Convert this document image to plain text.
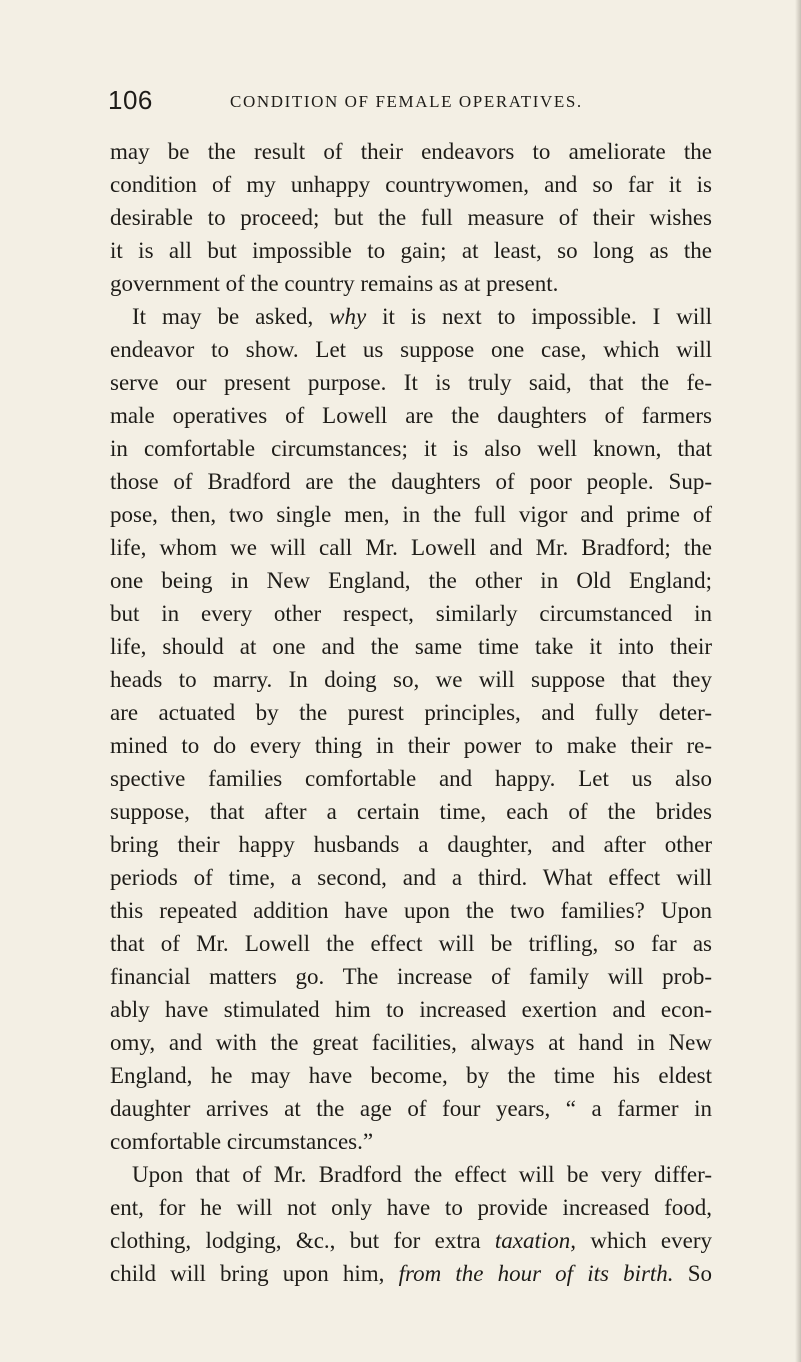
106	CONDITION OF FEMALE OPERATIVES.
may be the result of their endeavors to ameliorate the
condition of my unhappy countrywomen, and so far it is
desirable to proceed; but the full measure of their wishes
it is all but impossible to gain; at least, so long as the
government of the country remains as at present.
It may be asked, why it is next to impossible. I will
endeavor to show. Let us suppose one case, which will
serve our present purpose. It is truly said, that the fe-
male operatives of Lowell are the daughters of farmers
in comfortable circumstances; it is also well known, that
those of Bradford are the daughters of poor people. Sup-
pose, then, two single men, in the full vigor and prime of
life, whom we will call Mr. Lowell and Mr. Bradford; the
one being in New England, the other in Old England;
but in every other respect, similarly circumstanced in
life, should at one and the same time take it into their
heads to marry. In doing so, we will suppose that they
are actuated by the purest principles, and fully deter-
mined to do every thing in their power to make their re-
spective families comfortable and happy. Let us also
suppose, that after a certain time, each of the brides
bring their happy husbands a daughter, and after other
periods of time, a second, and a third. What effect will
this repeated addition have upon the two families? Upon
that of Mr. Lowell the effect will be trifling, so far as
financial matters go. The increase of family will prob-
ably have stimulated him to increased exertion and econ-
omy, and with the great facilities, always at hand in New
England, he may have become, by the time his eldest
daughter arrives at the age of four years, “ a farmer in
comfortable circumstances.”
Upon that of Mr. Bradford the effect will be very differ-
ent, for he will not only have to provide increased food,
clothing, lodging, &c., but for extra taxation, which every
child will bring upon him, from the hour of its birth. So
